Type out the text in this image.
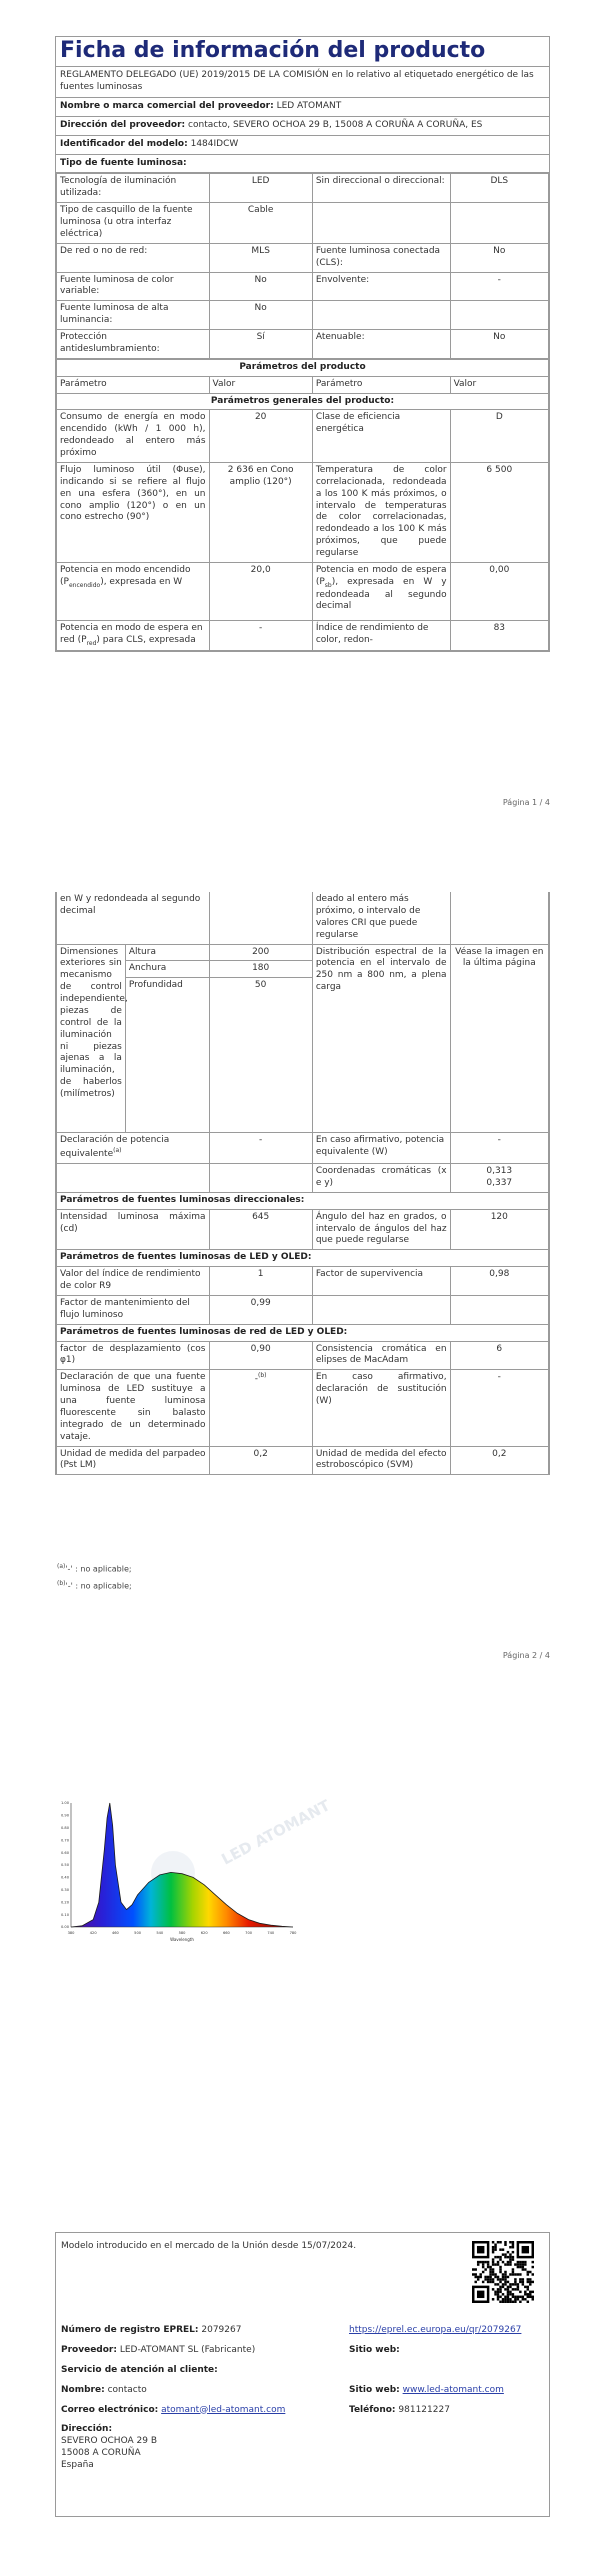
Ficha de información del producto
REGLAMENTO DELEGADO (UE) 2019/2015 DE LA COMISIÓN en lo relativo al etiquetado energético de las fuentes luminosas
Nombre o marca comercial del proveedor: LED ATOMANT
Dirección del proveedor: contacto, SEVERO OCHOA 29 B, 15008 A CORUÑA A CORUÑA, ES
Identificador del modelo: 1484IDCW
Tipo de fuente luminosa:
Tecnología de iluminación utilizada:	LED	Sin direccional o direccional:	DLS
Tipo de casquillo de la fuente luminosa (u otra interfaz eléctrica)	Cable		
De red o no de red:	MLS	Fuente luminosa conectada (CLS):	No
Fuente luminosa de color variable:	No	Envolvente:	-
Fuente luminosa de alta luminancia:	No		
Protección antideslumbramiento:	Sí	Atenuable:	No
Parámetros del producto			
Parámetro	Valor	Parámetro	Valor
Parámetros generales del producto:			
Consumo de energía en modo encendido (kWh / 1 000 h), redondeado al entero más próximo	20	Clase de eficiencia energética	D
Flujo luminoso útil (Φuse), indicando si se refiere al flujo en una esfera (360°), en un cono amplio (120°) o en un cono estrecho (90°)	2 636 en Cono amplio (120°)	Temperatura de color correlacionada, redondeada a los 100 K más próximos, o intervalo de temperaturas de color correlacionadas, redondeado a los 100 K más próximos, que puede regularse	6 500
Potencia en modo encendido $(P_{encendido})$, expresada en W	20,0	Potencia en modo de espera $(P_{sb})$, expresada en W y redondeada al segundo decimal	0,00
Potencia en modo de espera en red $(P_{red})$ para CLS, expresada	-	Índice de rendimiento de color, redon-	83
Página 1 / 4
en W y redondeada al segundo decimal			deado al entero más próximo, o intervalo de valores CRI que puede regularse	
Dimensiones exteriores sin mecanismo de control independiente, piezas de control de la iluminación ni piezas ajenas a la iluminación, de haberlos (milímetros)	Altura	200	Distribución espectral de la potencia en el intervalo de 250 nm a 800 nm, a plena carga	Véase la imagen en la última página
	Anchura	180		
	Profundidad	50		
Declaración de potencia equivalente$^{(a)}$		-	En caso afirmativo, potencia equivalente (W)	-
			Coordenadas cromáticas (x e y)	0,313
0,337

Parámetros de fuentes luminosas direccionales:				
Intensidad luminosa máxima (cd)		645	Ángulo del haz en grados, o intervalo de ángulos del haz que puede regularse	120
Parámetros de fuentes luminosas de LED y OLED:				
Valor del índice de rendimiento de color R9		1	Factor de supervivencia	0,98
Factor de mantenimiento del flujo luminoso		0,99		
Parámetros de fuentes luminosas de red de LED y OLED:				
factor de desplazamiento (cos φ1)		0,90	Consistencia cromática en elipses de MacAdam	6
Declaración de que una fuente luminosa de LED sustituye a una fuente luminosa fluorescente sin balasto integrado de un determinado vataje.		-$^{(b)}$	En caso afirmativo, declaración de sustitución (W)	-
Unidad de medida del parpadeo (Pst LM)		0,2	Unidad de medida del efecto estroboscópico (SVM)	0,2
$^{(a)}$'-' : no aplicable;
$^{(b)}$'-' : no aplicable;
Página 2 / 4
LED ATOMANT
380	420	460	500	540	580	620	660	700	740	780
0.00
0.10
0.20
0.30
0.40
0.50
0.60
0.70
0.80
0.90
1.00
Wavelength
Modelo introducido en el mercado de la Unión desde 15/07/2024.
Número de registro EPREL: 2079267	https://eprel.ec.europa.eu/qr/2079267
Proveedor: LED-ATOMANT SL (Fabricante)	Sitio web:
Servicio de atención al cliente:	
Nombre: contacto	Sitio web: www.led-atomant.com
Correo electrónico: atomant@led-atomant.com	Teléfono: 981121227

Dirección:
SEVERO OCHOA 29 B
15008 A CORUÑA
España	
